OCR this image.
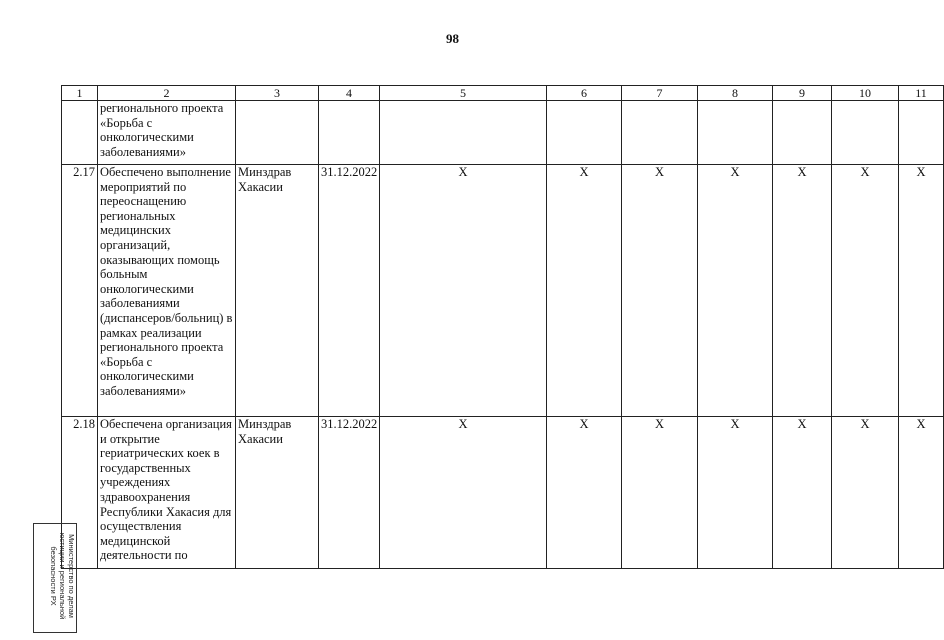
98
1	2	3	4	5	6	7	8	9	10	11
	регионального проекта «Борьба с онкологическими заболеваниями»									
2.17	Обеспечено выполнение мероприятий по переоснащению региональных медицинских организаций, оказывающих помощь больным онкологическими заболеваниями (диспансеров/больниц) в рамках реализации регионального проекта «Борьба с онкологическими заболеваниями»	Минздрав Хакасии	31.12.2022	X	X	X	X	X	X	X
2.18	Обеспечена организация и открытие гериатрических коек в государственных учреждениях здравоохранения Республики Хакасия для осуществления медицинской деятельности по	Минздрав Хакасии	31.12.2022	X	X	X	X	X	X	X
Министерство по делам юстиции и региональной безопасности РХ
